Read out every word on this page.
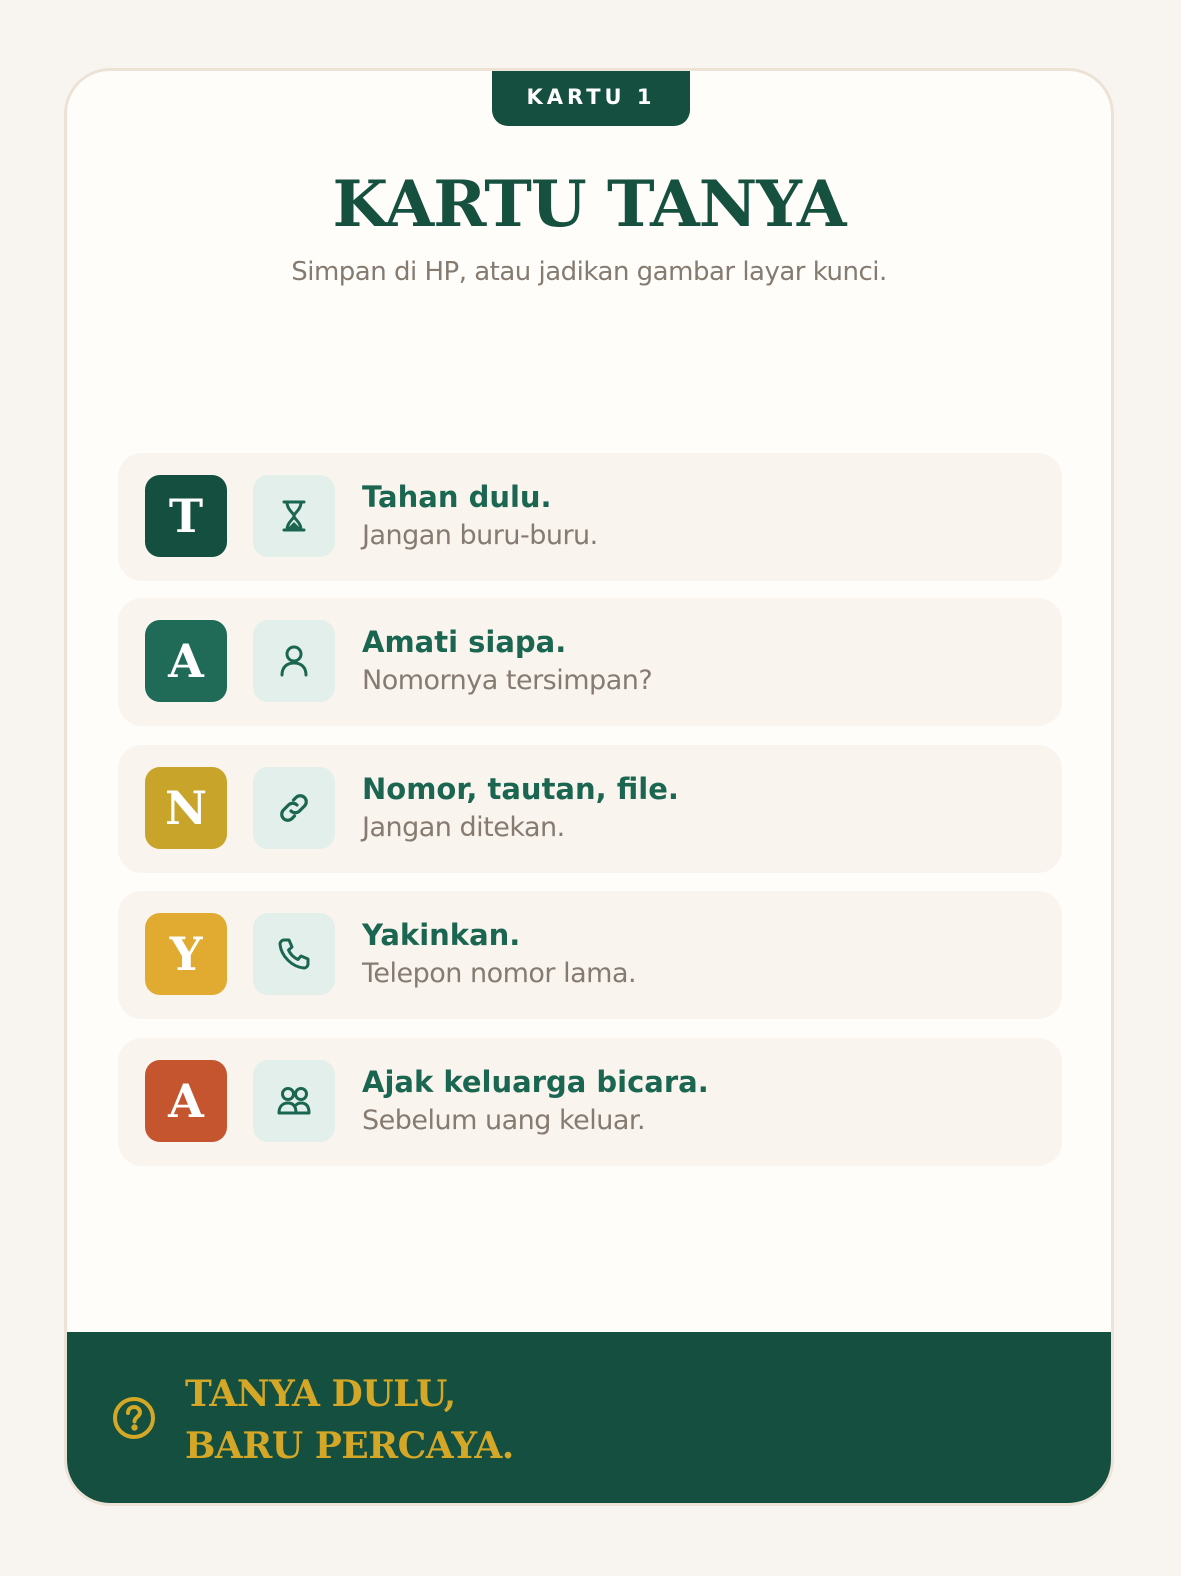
KARTU 1
KARTU TANYA

Simpan di HP, atau jadikan gambar layar kunci.

T	Tahan dulu.
Jangan buru-buru.
A	Amati siapa.
Nomornya tersimpan?
N	Nomor, tautan, file.
Jangan ditekan.
Y	Yakinkan.
Telepon nomor lama.
A	Ajak keluarga bicara.
Sebelum uang keluar.
TANYA DULU,
BARU PERCAYA.
